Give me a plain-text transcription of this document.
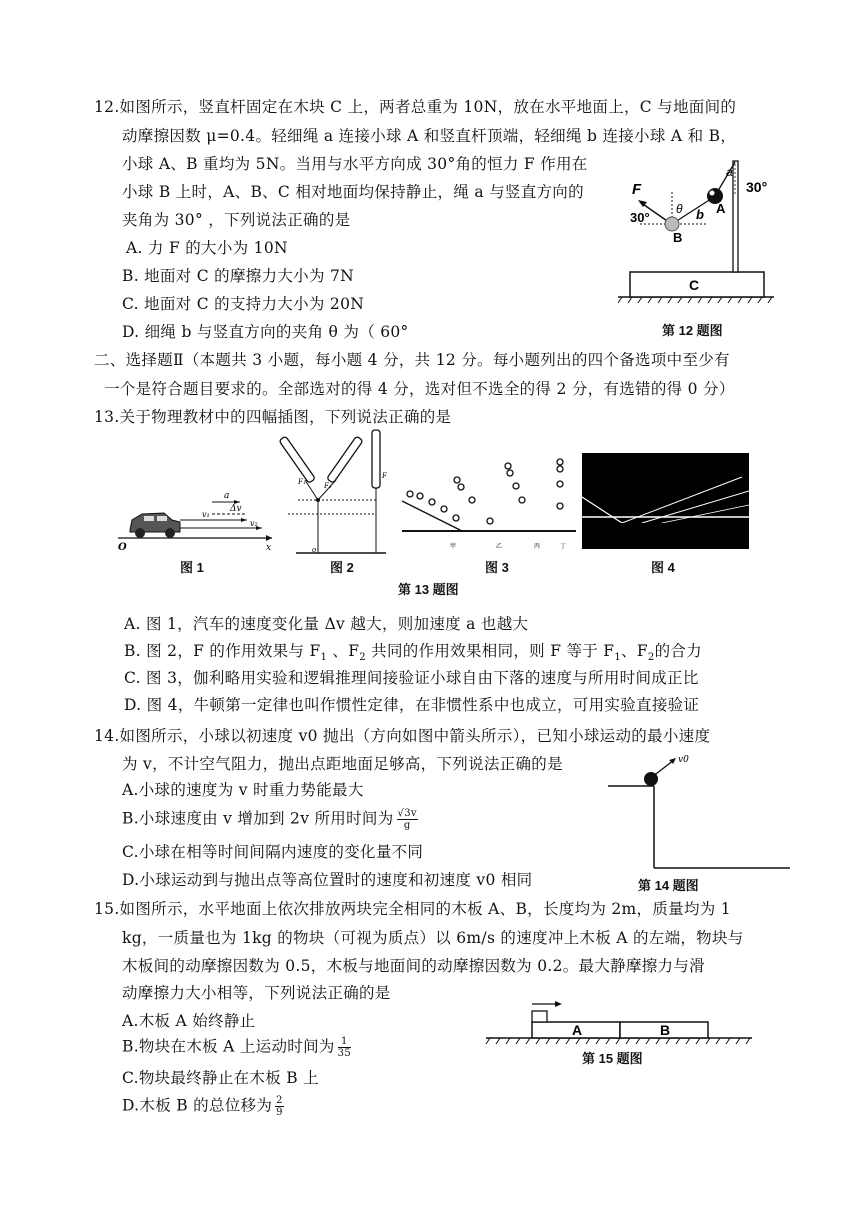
12.如图所示，竖直杆固定在木块 C 上，两者总重为 10N，放在水平地面上，C 与地面间的
动摩擦因数 μ=0.4。轻细绳 a 连接小球 A 和竖直杆顶端，轻细绳 b 连接小球 A 和 B，
小球 A、B 重均为 5N。当用与水平方向成 30°角的恒力 F 作用在
小球 B 上时，A、B、C 相对地面均保持静止，绳 a 与竖直方向的
夹角为 30° ，下列说法正确的是
A. 力 F 的大小为 10N
B. 地面对 C 的摩擦力大小为 7N
C. 地面对 C 的支持力大小为 20N
D. 细绳 b 与竖直方向的夹角 θ 为（ 60°
F
a
30°
30°
θ b A
B
C
第 12 题图
二、选择题Ⅱ（本题共 3 小题，每小题 4 分，共 12 分。每小题列出的四个备选项中至少有
一个是符合题目要求的。全部选对的得 4 分，选对但不选全的得 2 分，有选错的得 0 分）
13.关于物理教材中的四幅插图，下列说法正确的是
a
Δv
v₁
v₂
O	x
F₁	F₂
F
o	甲	乙	丙	丁
图 1	图 2	图 3	图 4
第 13 题图
A. 图 1，汽车的速度变化量 Δv 越大，则加速度 a 也越大
B. 图 2，F 的作用效果与 $F_1$ 、$F_2$ 共同的作用效果相同，则 F 等于 $F_1$、$F_2$的合力
C. 图 3，伽利略用实验和逻辑推理间接验证小球自由下落的速度与所用时间成正比
D. 图 4，牛顿第一定律也叫作惯性定律，在非惯性系中也成立，可用实验直接验证
14.如图所示，小球以初速度 v0 抛出（方向如图中箭头所示），已知小球运动的最小速度
为 v，不计空气阻力，抛出点距地面足够高，下列说法正确的是
A.小球的速度为 v 时重力势能最大
B.小球速度由 v 增加到 2v 所用时间为 $\frac{√3v}{g}$
C.小球在相等时间间隔内速度的变化量不同
D.小球运动到与抛出点等高位置时的速度和初速度 v0 相同
v0
第 14 题图
15.如图所示，水平地面上依次排放两块完全相同的木板 A、B，长度均为 2m，质量均为 1
kg，一质量也为 1kg 的物块（可视为质点）以 6m/s 的速度冲上木板 A 的左端，物块与
木板间的动摩擦因数为 0.5，木板与地面间的动摩擦因数为 0.2。最大静摩擦力与滑
动摩擦力大小相等，下列说法正确的是
A.木板 A 始终静止
B.物块在木板 A 上运动时间为 $\frac{1}{35}$
C.物块最终静止在木板 B 上
D.木板 B 的总位移为 $\frac{2}{9}$
A	B
第 15 题图
